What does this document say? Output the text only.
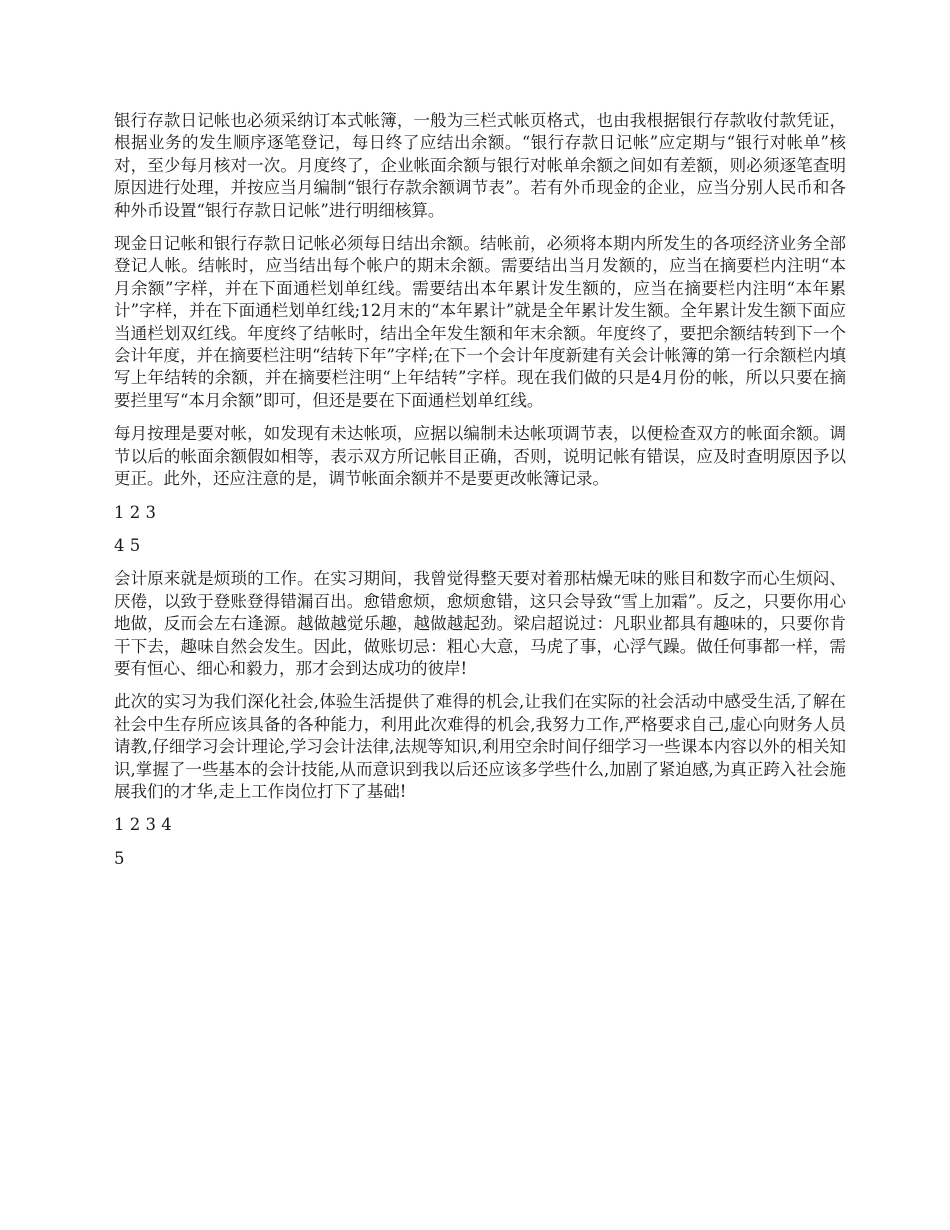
银行存款日记帐也必须采纳订本式帐簿，一般为三栏式帐页格式，也由我根据银行存款收付款凭证，根据业务的发生顺序逐笔登记，每日终了应结出余额。“银行存款日记帐”应定期与“银行对帐单”核对，至少每月核对一次。月度终了，企业帐面余额与银行对帐单余额之间如有差额，则必须逐笔查明原因进行处理，并按应当月编制“银行存款余额调节表”。若有外币现金的企业，应当分别人民币和各种外币设置“银行存款日记帐”进行明细核算。

现金日记帐和银行存款日记帐必须每日结出余额。结帐前，必须将本期内所发生的各项经济业务全部登记人帐。结帐时，应当结出每个帐户的期末余额。需要结出当月发额的，应当在摘要栏内注明“本月余额”字样，并在下面通栏划单红线。需要结出本年累计发生额的，应当在摘要栏内注明“本年累计”字样，并在下面通栏划单红线;12月末的“本年累计”就是全年累计发生额。全年累计发生额下面应当通栏划双红线。年度终了结帐时，结出全年发生额和年末余额。年度终了，要把余额结转到下一个会计年度，并在摘要栏注明“结转下年”字样;在下一个会计年度新建有关会计帐簿的第一行余额栏内填写上年结转的余额，并在摘要栏注明“上年结转”字样。现在我们做的只是4月份的帐，所以只要在摘要拦里写“本月余额”即可，但还是要在下面通栏划单红线。

每月按理是要对帐，如发现有未达帐项，应据以编制未达帐项调节表，以便检查双方的帐面余额。调节以后的帐面余额假如相等，表示双方所记帐目正确，否则，说明记帐有错误，应及时查明原因予以更正。此外，还应注意的是，调节帐面余额并不是要更改帐簿记录。

1 2 3

4 5

会计原来就是烦琐的工作。在实习期间，我曾觉得整天要对着那枯燥无味的账目和数字而心生烦闷、厌倦，以致于登账登得错漏百出。愈错愈烦，愈烦愈错，这只会导致“雪上加霜”。反之，只要你用心地做，反而会左右逢源。越做越觉乐趣，越做越起劲。梁启超说过：凡职业都具有趣味的，只要你肯干下去，趣味自然会发生。因此，做账切忌：粗心大意，马虎了事，心浮气躁。做任何事都一样，需要有恒心、细心和毅力，那才会到达成功的彼岸!

此次的实习为我们深化社会,体验生活提供了难得的机会,让我们在实际的社会活动中感受生活,了解在社会中生存所应该具备的各种能力，利用此次难得的机会,我努力工作,严格要求自己,虚心向财务人员请教,仔细学习会计理论,学习会计法律,法规等知识,利用空余时间仔细学习一些课本内容以外的相关知识,掌握了一些基本的会计技能,从而意识到我以后还应该多学些什么,加剧了紧迫感,为真正跨入社会施展我们的才华,走上工作岗位打下了基础!

1 2 3 4

5
